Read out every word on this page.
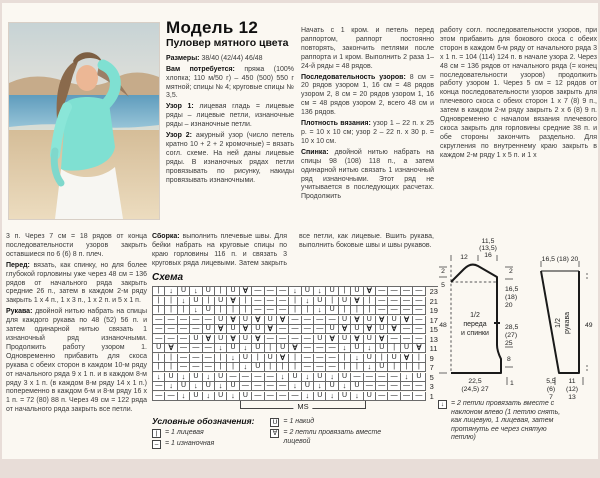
Модель 12
Пуловер мятного цвета

Размеры: 38/40 (42/44) 46/48

Вам потребуется: пряжа (100% хлопка; 110 м/50 г) – 450 (500) 550 г мятной; спицы № 4; круговые спицы № 3,5.

Узор 1: лицевая гладь = лицевые ряды – лицевые петли, изнаночные ряды – изнаночные петли.

Узор 2: ажурный узор (число петель кратно 10 + 2 + 2 кромочные) = вязать согл. схеме. На ней даны лицевые ряды. В изнаночных рядах петли провязывать по рисунку, накиды провязывать изнаночными.

Начать с 1 кром. и петель перед раппортом, раппорт постоянно повторять, закончить петлями после раппорта и 1 кром. Выполнить 2 раза 1–24-й ряды = 48 рядов.

Последовательность узоров: 8 см = 20 рядов узором 1, 16 см = 48 рядов узором 2, 8 см = 20 рядов узором 1, 16 см = 48 рядов узором 2, всего 48 см и 136 рядов.

Плотность вязания: узор 1 – 22 п. x 25 р. = 10 x 10 см; узор 2 – 22 п. x 30 р. = 10 x 10 см.

Спинка: двойной нитью набрать на спицы 98 (108) 118 п., а затем одинарной нитью связать 1 изнаночный ряд изнаночными. Этот ряд не учитывается в последующих расчетах. Продолжить

работу согл. последовательности узоров, при этом прибавить для бокового скоса с обеих сторон в каждом 6-м ряду от начального ряда 3 x 1 п. = 104 (114) 124 п. в начале узора 2. Через 48 см = 136 рядов от начального ряда (= конец последовательности узоров) продолжить работу узором 1. Через 5 см = 12 рядов от конца последовательности узоров закрыть для плечевого скоса с обеих сторон 1 x 7 (8) 9 п., затем в каждом 2-м ряду закрыть 2 x 6 (8) 9 п. Одновременно с началом вязания плечевого скоса закрыть для горловины средние 38 п. и обе стороны закончить раздельно. Для скругления по внутреннему краю закрыть в каждом 2-м ряду 1 x 5 п. и 1 x

3 п. Через 7 см = 18 рядов от конца последовательности узоров закрыть оставшиеся по 6 (6) 8 п. плеч.

Перед: вязать, как спинку, но для более глубокой горловины уже через 48 см = 136 рядов от начального ряда закрыть средние 26 п., затем в каждом 2-м ряду закрыть 1 x 4 п., 1 x 3 п., 1 x 2 п. и 5 x 1 п.

Рукава: двойной нитью набрать на спицы для каждого рукава по 48 (52) 56 п. и затем одинарной нитью связать 1 изнаночный ряд изнаночными. Продолжить работу узором 1. Одновременно прибавить для скоса рукава с обеих сторон в каждом 10-м ряду от начального ряда 9 x 1 п. и в каждом 8-м ряду 3 x 1 п. (в каждом 8-м ряду 14 x 1 п.) попеременно в каждом 6-м и 8-м ряду 16 x 1 п. = 72 (80) 88 п. Через 49 см = 122 ряда от начального ряда закрыть все петли.

Сборка: выполнить плечевые швы. Для бейки набрать на круговые спицы по краю горловины 116 п. и связать 3 круговых ряда лицевыми. Затем закрыть все петли, как лицевые. Вшить рукава, выполнить боковые швы и швы рукавов.

Схема
|	↓	U	↓	U	|	U ∀ — — — ↓	U	↓	U	|	U ∀ — — — — 23
|	|	↓	U	|	U ∀	|	— — —	|	↓	U	|	U ∀	|	— — — — 21
|	|	|	↓	U	|	|	|	— — —	|	|	↓	U	|	|	|	— — — — 19
— — — — — U ∀	U ∀	U ∀ — — — — U ∀	U ∀	U ∀ — 17
— — — — U ∀	U ∀	U ∀ — — — — U ∀	U ∀	U ∀ — — 15
— — — U ∀	U ∀	U ∀ — — — — U ∀	U ∀	U ∀ — — — 13
U ∀ — — — ↓	U	↓	U	|	U ∀ — — — ↓	U	↓	U	|	U ∀	11
|	|	— — —	|	↓	U	|	U ∀	|	— — —	|	↓	U	|	U ∀	|	9
|	|	— — —	|	|	↓	U	|	|	|	— — —	|	|	↓	U	|	|	|	7
↓	U	↓	U	↓	U — — — — ↓	U	↓	U	↓	U — — — — ↓	U	5
— ↓	U	↓	U	↓	U — — — — ↓	U	↓	U	↓	U — — — — — 3
— — ↓	U	↓	U	↓	U — — — — ↓	U	↓	U	↓	U — — — — 1
MS
Условные обозначения:
|	= 1 лицевая
– = 1 изнаночная
U = 1 накид
∀ = 2 петли провязать вместе лицевой
↓ = 2 петли провязать вместе с наклоном влево (1 петлю снять, как лицевую, 1 лицевая, затем протянуть ее через снятую петлю)
12
11,5
(13,5)
16
2
5
48
2
16,5
(18)
20
28,5
(27)
25
8
22,5
(24,5) 27
1
1/2
переда
и спинки
16,5 (18) 20
49
5,5
(6)
7
11
(12)
13
1/2 рукава
